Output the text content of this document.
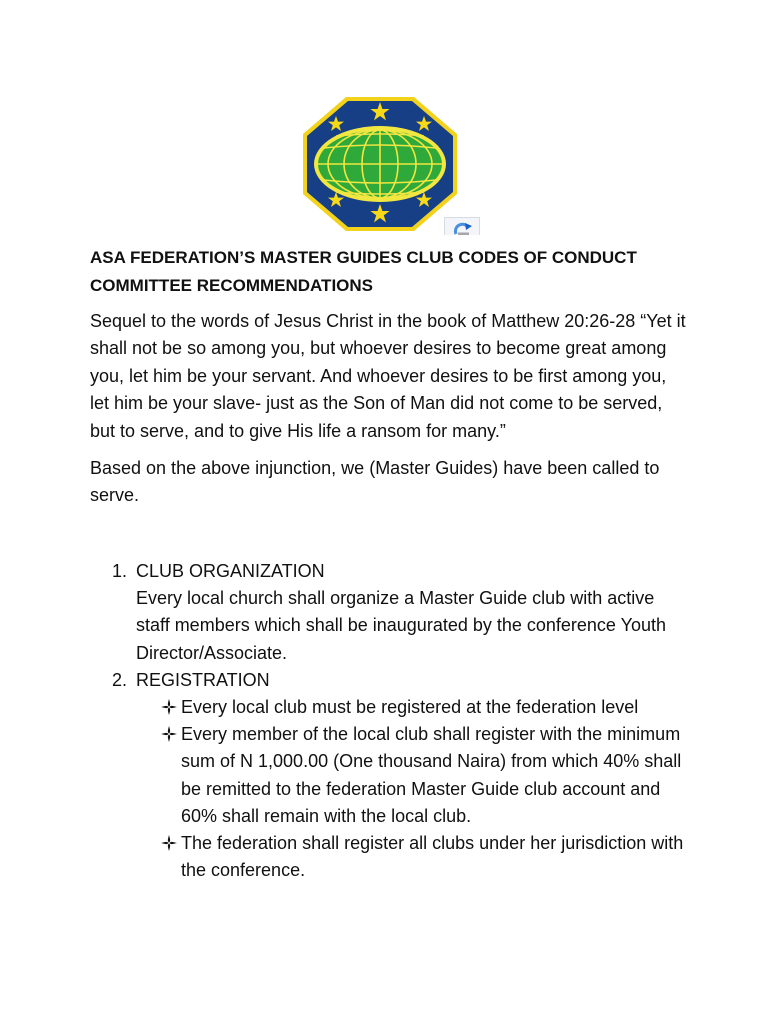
ASA FEDERATION’S MASTER GUIDES CLUB CODES OF CONDUCT COMMITTEE RECOMMENDATIONS

Sequel to the words of Jesus Christ in the book of Matthew 20:26-28 “Yet it shall not be so among you, but whoever desires to become great among you, let him be your servant. And whoever desires to be first among you, let him be your slave- just as the Son of Man did not come to be served, but to serve, and to give His life a ransom for many.”

Based on the above injunction, we (Master Guides) have been called to serve.

1. CLUB ORGANIZATION
Every local church shall organize a Master Guide club with active staff members which shall be inaugurated by the conference Youth Director/Associate.
2. REGISTRATION
Every local club must be registered at the federation level
Every member of the local club shall register with the minimum sum of N 1,000.00 (One thousand Naira) from which 40% shall be remitted to the federation Master Guide club account and 60% shall remain with the local club.
The federation shall register all clubs under her jurisdiction with the conference.
